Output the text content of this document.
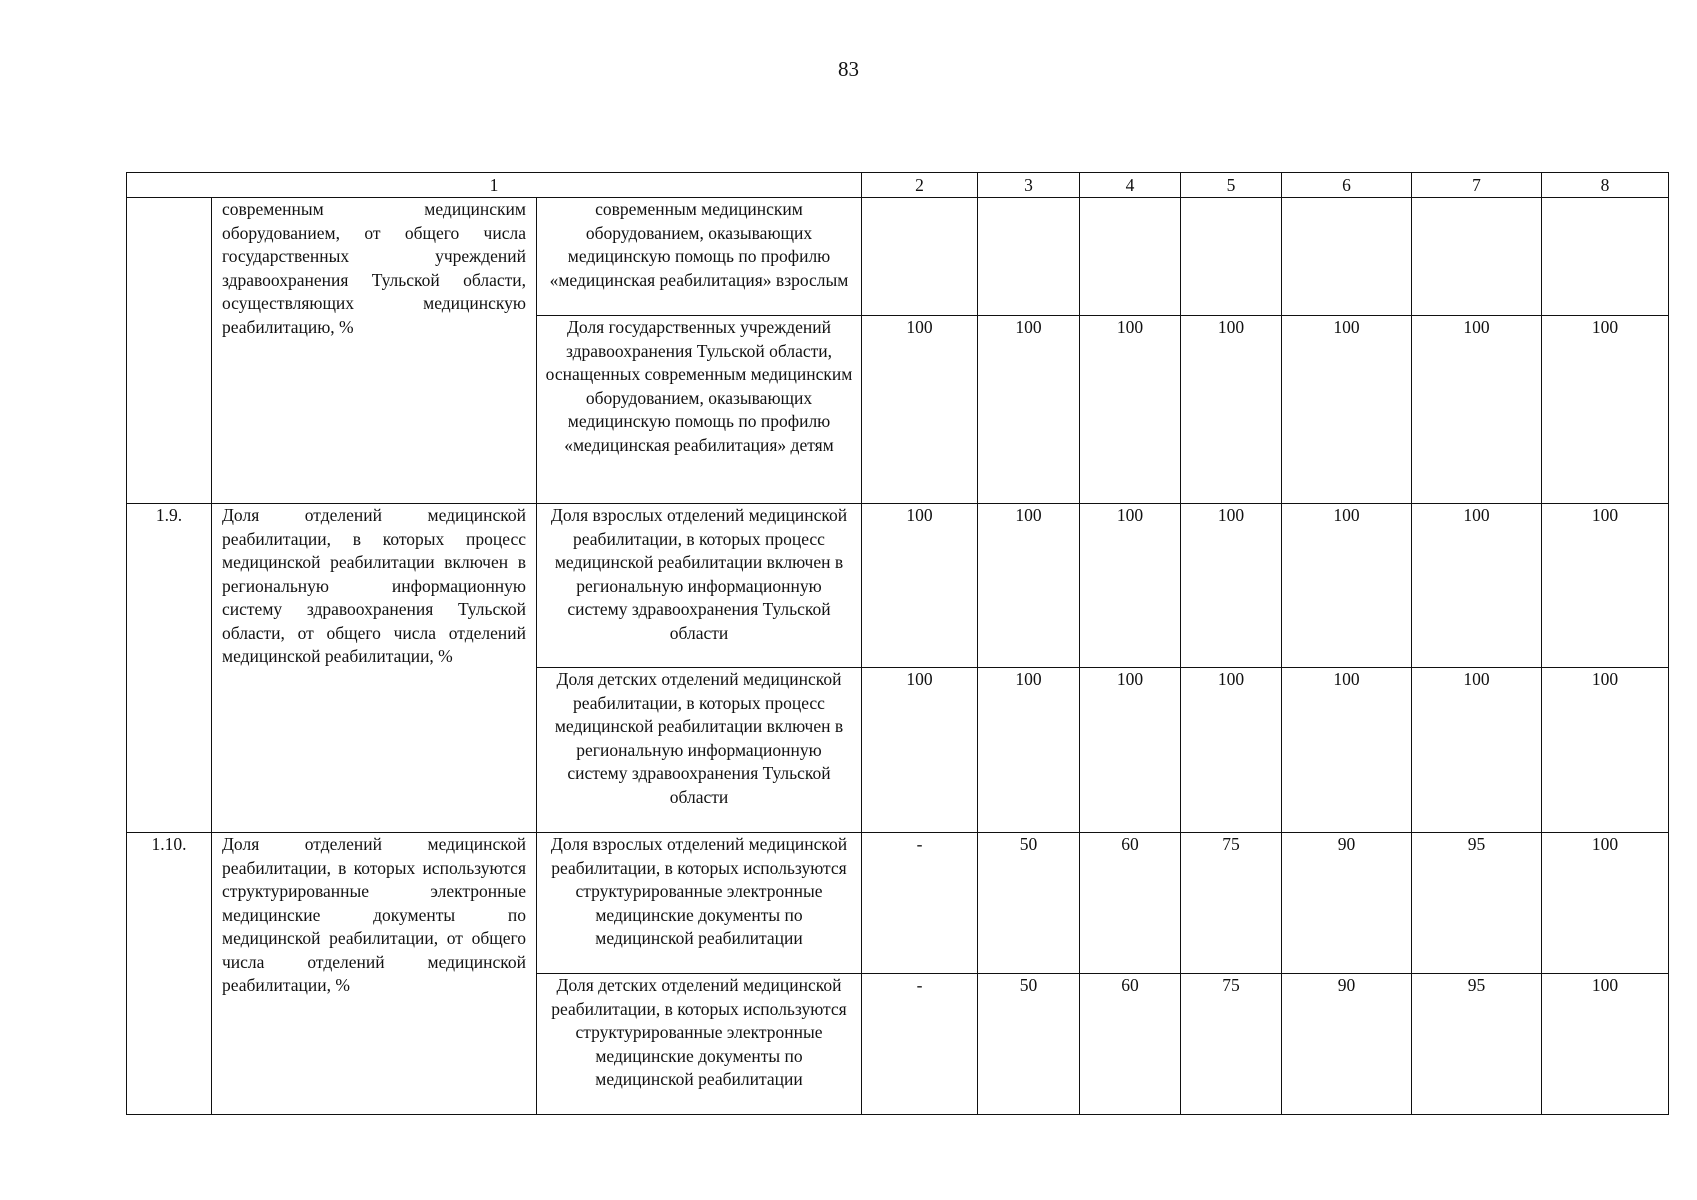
83
1			2	3	4	5	6	7	8
	современным медицинским оборудованием, от общего числа государственных учреждений здравоохранения Тульской области, осуществляющих медицинскую реабилитацию, %	современным медицинским оборудованием, оказывающих медицинскую помощь по профилю «медицинская реабилитация» взрослым							
		Доля государственных учреждений здравоохранения Тульской области, оснащенных современным медицинским оборудованием, оказывающих медицинскую помощь по профилю «медицинская реабилитация» детям	100	100	100	100	100	100	100
1.9.	Доля отделений медицинской реабилитации, в которых процесс медицинской реабилитации включен в региональную информационную систему здравоохранения Тульской области, от общего числа отделений медицинской реабилитации, %	Доля взрослых отделений медицинской реабилитации, в которых процесс медицинской реабилитации включен в региональную информационную систему здравоохранения Тульской области	100	100	100	100	100	100	100
		Доля детских отделений медицинской реабилитации, в которых процесс медицинской реабилитации включен в региональную информационную систему здравоохранения Тульской области	100	100	100	100	100	100	100
1.10.	Доля отделений медицинской реабилитации, в которых используются структурированные электронные медицинские документы по медицинской реабилитации, от общего числа отделений медицинской реабилитации, %	Доля взрослых отделений медицинской реабилитации, в которых используются структурированные электронные медицинские документы по медицинской реабилитации	-	50	60	75	90	95	100
		Доля детских отделений медицинской реабилитации, в которых используются структурированные электронные медицинские документы по медицинской реабилитации	-	50	60	75	90	95	100
